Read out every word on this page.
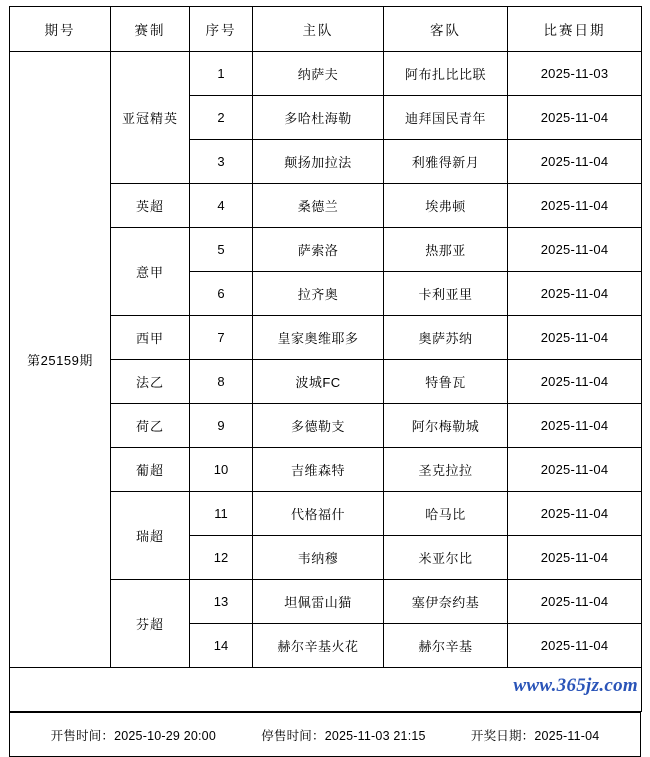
期号	赛制	序号	主队	客队	比赛日期
第25159期	亚冠精英	1	纳萨夫	阿布扎比比联	2025-11-03
		2	多哈杜海勒	迪拜国民青年	2025-11-04
		3	颠扬加拉法	利雅得新月	2025-11-04
	英超	4	桑德兰	埃弗顿	2025-11-04
	意甲	5	萨索洛	热那亚	2025-11-04
		6	拉齐奥	卡利亚里	2025-11-04
	西甲	7	皇家奥维耶多	奥萨苏纳	2025-11-04
	法乙	8	波城FC	特鲁瓦	2025-11-04
	荷乙	9	多德勒支	阿尔梅勒城	2025-11-04
	葡超	10	吉维森特	圣克拉拉	2025-11-04
	瑞超	11	代格福什	哈马比	2025-11-04
		12	韦纳穆	米亚尔比	2025-11-04
	芬超	13	坦佩雷山猫	塞伊奈约基	2025-11-04
		14	赫尔辛基火花	赫尔辛基	2025-11-04

开售时间：2025-10-29 20:00	停售时间：2025-11-03 21:15	开奖日期：2025-11-04
www.365jz.com
